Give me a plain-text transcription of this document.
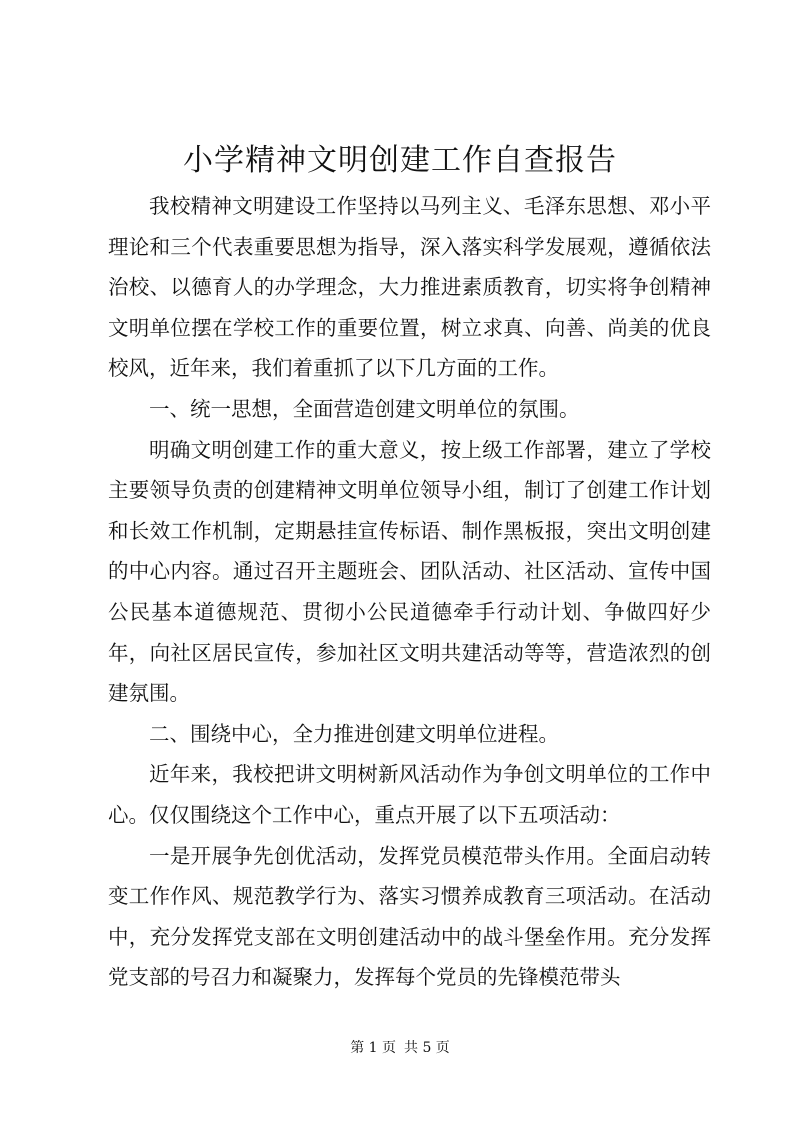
小学精神文明创建工作自查报告

我校精神文明建设工作坚持以马列主义、毛泽东思想、邓小平理论和三个代表重要思想为指导，深入落实科学发展观，遵循依法治校、以德育人的办学理念，大力推进素质教育，切实将争创精神文明单位摆在学校工作的重要位置，树立求真、向善、尚美的优良校风，近年来，我们着重抓了以下几方面的工作。

一、统一思想，全面营造创建文明单位的氛围。

明确文明创建工作的重大意义，按上级工作部署，建立了学校主要领导负责的创建精神文明单位领导小组，制订了创建工作计划和长效工作机制，定期悬挂宣传标语、制作黑板报，突出文明创建的中心内容。通过召开主题班会、团队活动、社区活动、宣传中国公民基本道德规范、贯彻小公民道德牵手行动计划、争做四好少年，向社区居民宣传，参加社区文明共建活动等等，营造浓烈的创建氛围。

二、围绕中心，全力推进创建文明单位进程。

近年来，我校把讲文明树新风活动作为争创文明单位的工作中心。仅仅围绕这个工作中心，重点开展了以下五项活动：

一是开展争先创优活动，发挥党员模范带头作用。全面启动转变工作作风、规范教学行为、落实习惯养成教育三项活动。在活动中，充分发挥党支部在文明创建活动中的战斗堡垒作用。充分发挥党支部的号召力和凝聚力，发挥每个党员的先锋模范带头

第 1 页 共 5 页
